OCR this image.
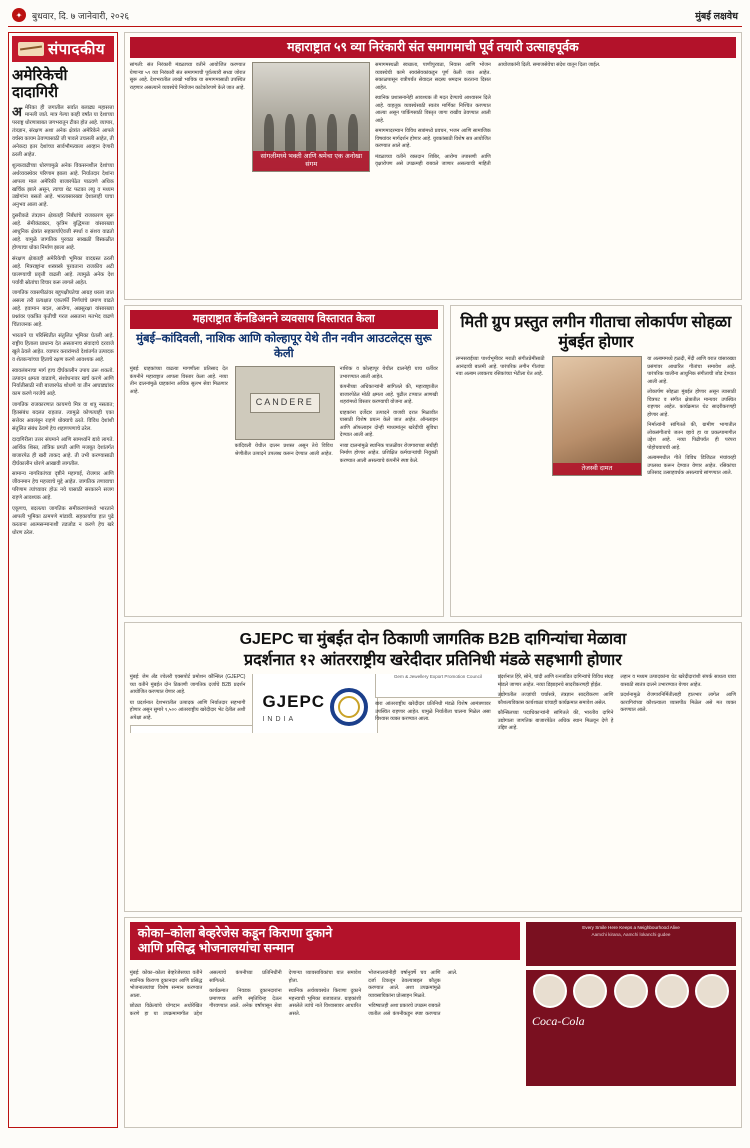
✦	बुधवार, दि. ७ जानेवारी, २०२६	मुंबई लक्षवेध
संपादकीय
अमेरिकेची दादागिरी

अ मेरिका ही जगातील सर्वात बलाढ्य महासत्ता मानली जाते. मात्र गेल्या काही वर्षांत या देशाच्या परराष्ट्र धोरणाबाबत जगभरातून टीका होत आहे. व्यापार, तंत्रज्ञान, संरक्षण अशा अनेक क्षेत्रांत अमेरिकेने आपले वर्चस्व कायम ठेवण्यासाठी जी पावले उचलली आहेत, ती अनेकदा इतर देशांच्या सार्वभौमत्वाला आव्हान देणारी ठरली आहेत.

शुल्कवाढीच्या धोरणामुळे अनेक विकसनशील देशांच्या अर्थव्यवस्थेवर परिणाम झाला आहे. निर्यातदार देशांना आपला माल अमेरिकी बाजारपेठेत पाठवणे अधिक खर्चिक झाले असून, त्याचा थेट फटका लघु व मध्यम उद्योगांना बसतो आहे. भारतासारख्या देशालाही याचा अनुभव आला आहे.

दुसरीकडे तंत्रज्ञान क्षेत्रातही निर्बंधांचे राजकारण सुरू आहे. सेमीकंडक्टर, कृत्रिम बुद्धिमत्ता यांसारख्या आधुनिक क्षेत्रांत सहकार्याऐवजी स्पर्धा व संशय वाढतो आहे. यामुळे जागतिक पुरवठा साखळी विस्कळीत होण्याचा धोका निर्माण झाला आहे.

संरक्षण क्षेत्रातही अमेरिकेची भूमिका वादग्रस्त ठरली आहे. मित्रराष्ट्रांना शस्त्रास्त्रे पुरवताना राजकीय अटी घालण्याची प्रवृत्ती वाढली आहे. त्यामुळे अनेक देश पर्यायी स्रोतांचा विचार करू लागले आहेत.

जागतिक व्यासपीठांवर बहुपक्षीयतेचा आग्रह धरला जात असला तरी प्रत्यक्षात एकतर्फी निर्णयांचे प्रमाण वाढते आहे. हवामान बदल, आरोग्य, अन्नसुरक्षा यांसारख्या प्रश्नांवर एकत्रित कृतीची गरज असताना मतभेद वाढणे चिंताजनक आहे.

भारताने या परिस्थितीत संतुलित भूमिका घेतली आहे. राष्ट्रीय हिताला प्राधान्य देत असतानाच संवादाचे दरवाजे खुले ठेवले आहेत. व्यापार करारांमध्ये देशांतर्गत उत्पादक व शेतकऱ्यांच्या हिताचे रक्षण करणे आवश्यक आहे.

स्वावलंबनाचा मार्ग हाच दीर्घकालीन उपाय ठरू शकतो. उत्पादन क्षमता वाढवणे, संशोधनावर खर्च करणे आणि निर्यातीसाठी नवी बाजारपेठ शोधणे या तीन आघाड्यांवर काम करणे गरजेचे आहे.

जागतिक राजकारणात कायमचे मित्र वा शत्रू नसतात; हितसंबंध बदलत राहतात. त्यामुळे कोणत्याही एका सत्तेवर अवलंबून राहणे धोक्याचे ठरते. विविध देशांशी संतुलित संबंध ठेवणे हेच शहाणपणाचे ठरेल.

दादागिरीला उत्तर संयमाने आणि सामर्थ्याने द्यावे लागते. आर्थिक शिस्त, तांत्रिक प्रगती आणि मजबूत देशांतर्गत बाजारपेठ ही खरी ताकद आहे. ती उभी करण्यासाठी दीर्घकालीन धोरणे आखावी लागतील.

सामान्य नागरिकांच्या दृष्टीने महागाई, रोजगार आणि जीवनमान हेच महत्त्वाचे मुद्दे आहेत. जागतिक तणावाचा परिणाम त्यांच्यावर होऊ नये यासाठी सरकारने सजग राहणे आवश्यक आहे.

एकूणच, बदलत्या जागतिक समीकरणांमध्ये भारताने आपली भूमिका ठामपणे मांडावी. सहकार्याचा हात पुढे करताना आत्मसन्मानाशी तडजोड न करणे हेच खरे धोरण ठरेल.

महाराष्ट्रात ५९ व्या निरंकारी संत समागमाची पूर्व तयारी उत्साहपूर्वक

सांगली: संत निरंकारी मंडळाच्या वतीने आयोजित करण्यात येणाऱ्या ५९ व्या निरंकारी संत समागमाची पूर्वतयारी सध्या जोरात सुरू आहे. देशभरातील लाखो भाविक या समागमासाठी उपस्थित राहणार असल्याने व्यवस्थेचे नियोजन काटेकोरपणे केले जात आहे.

सांगलीमध्ये भक्ती आणि श्रमेचा एक अनोखा संगम

समागमस्थळी स्वच्छता, पाणीपुरवठा, निवास आणि भोजन व्यवस्थेची कामे स्वयंसेवकांकडून पूर्ण केली जात आहेत. सकाळपासून रात्रीपर्यंत सेवादल सदस्य श्रमदान करताना दिसत आहेत.

स्थानिक प्रशासनानेही आवश्यक ती मदत देण्याचे आश्वासन दिले आहे. वाहतूक व्यवस्थेसाठी स्वतंत्र मार्गिका निश्चित करण्यात आल्या असून पार्किंगसाठी विस्तृत जागा राखीव ठेवण्यात आली आहे.

समागमादरम्यान विविध सत्रांमध्ये प्रवचन, भजन आणि सामाजिक विषयांवर मार्गदर्शन होणार आहे. युवकांसाठी विशेष सत्र आयोजित करण्यात आले आहे.

मंडळाच्या वतीने रक्तदान शिबिर, आरोग्य तपासणी आणि वृक्षारोपण असे उपक्रमही राबवले जाणार असल्याची माहिती आयोजकांनी दिली. समाजसेवेचा संदेश यातून दिला जाईल.

महाराष्ट्रात कॅनडिअनने व्यवसाय विस्तारात केला
मुंबई–कांदिवली, नाशिक आणि कोल्हापूर येथे तीन नवीन आउटलेट्स सुरू केली

मुंबई: ग्राहकांच्या वाढत्या मागणीला प्रतिसाद देत कंपनीने महाराष्ट्रात आपला विस्तार केला आहे. नव्या तीन दालनांमुळे ग्राहकांना अधिक सुलभ सेवा मिळणार आहे.

CANDERE

कांदिवली येथील दालन प्रशस्त असून तेथे विविध श्रेणीतील उत्पादने उपलब्ध करून देण्यात आली आहेत. नाशिक व कोल्हापूर येथील दालनेही याच धर्तीवर उभारण्यात आली आहेत.

कंपनीच्या अधिकाऱ्यांनी सांगितले की, महाराष्ट्रातील बाजारपेठेत मोठी क्षमता आहे. पुढील टप्प्यात आणखी शहरांमध्ये विस्तार करण्याची योजना आहे.

ग्राहकांना दर्जेदार उत्पादने वाजवी दरात मिळावीत यासाठी विशेष प्रयत्न केले जात आहेत. ऑनलाइन आणि ऑफलाइन दोन्ही माध्यमांतून खरेदीची सुविधा देण्यात आली आहे.

नव्या दालनांमुळे स्थानिक पातळीवर रोजगाराच्या संधीही निर्माण होणार आहेत. प्रशिक्षित कर्मचाऱ्यांची नियुक्ती करण्यात आली असल्याचे कंपनीने स्पष्ट केले.

मिती ग्रुप प्रस्तुत लगीन गीताचा लोकार्पण सोहळा मुंबईत होणार

लग्नसराईच्या पार्श्वभूमीवर मराठी संगीतप्रेमींसाठी आनंदाची बातमी आहे. पारंपरिक लगीन गीतांचा नवा अल्बम लवकरच रसिकांच्या भेटीला येत आहे.

तेजस्वी दामत

या अल्बममध्ये हळदी, मेंदी आणि वरात यांसारख्या प्रसंगांवर आधारित गीतांचा समावेश आहे. पारंपरिक चालींना आधुनिक संगीताची जोड देण्यात आली आहे.

लोकार्पण सोहळा मुंबईत होणार असून त्यासाठी चित्रपट व संगीत क्षेत्रातील मान्यवर उपस्थित राहणार आहेत. कार्यक्रमात थेट सादरीकरणही होणार आहे.

निर्मात्यांनी सांगितले की, ग्रामीण भागातील लोकसंगीताचे जतन व्हावे हा या प्रकल्पामागील उद्देश आहे. नव्या पिढीपर्यंत ही परंपरा पोहोचवायची आहे.

अल्बममधील गीते विविध डिजिटल मंचांवरही उपलब्ध करून देण्यात येणार आहेत. रसिकांचा प्रतिसाद उत्साहवर्धक असल्याचे सांगण्यात आले.

GJEPC चा मुंबईत दोन ठिकाणी जागतिक B2B दागिन्यांचा मेळावा
प्रदर्शनात १२ आंतरराष्ट्रीय खरेदीदार प्रतिनिधी मंडळे सहभागी होणार

मुंबई: जेम अँड ज्वेलरी एक्सपोर्ट प्रमोशन कौन्सिल (GJEPC) च्या वतीने मुंबईत दोन ठिकाणी जागतिक दर्जाचे B2B प्रदर्शन आयोजित करण्यात येणार आहे.

या प्रदर्शनात देशभरातील उत्पादक आणि निर्यातदार सहभागी होणार असून सुमारे १,५०० आंतरराष्ट्रीय खरेदीदार भेट देतील अशी अपेक्षा आहे.

GJEPC
INDIA
Gem & Jewellery Export Promotion Council

बारा आंतरराष्ट्रीय खरेदीदार प्रतिनिधी मंडळे विशेष आमंत्रणावर उपस्थित राहणार आहेत. यामुळे निर्यातीला चालना मिळेल असा विश्वास व्यक्त करण्यात आला.

प्रदर्शनात हिरे, सोने, चांदी आणि रत्नजडित दागिन्यांचे विविध संग्रह मांडले जाणार आहेत. नव्या डिझाइनचे सादरीकरणही होईल.

उद्योगातील तज्ज्ञांची चर्चासत्रे, तंत्रज्ञान सादरीकरण आणि कौशल्यविकास कार्यशाळा यांचाही कार्यक्रमात समावेश असेल.

कौन्सिलच्या पदाधिकाऱ्यांनी सांगितले की, भारतीय दागिने उद्योगाला जागतिक बाजारपेठेत अधिक स्थान मिळवून देणे हे उद्दिष्ट आहे.

लहान व मध्यम उत्पादकांना थेट खरेदीदारांशी संपर्क साधता यावा यासाठी स्वतंत्र दालने उभारण्यात येणार आहेत.

प्रदर्शनामुळे रोजगारनिर्मितीलाही हातभार लागेल आणि कारागिरांच्या कौशल्याला व्यासपीठ मिळेल असे मत व्यक्त करण्यात आले.

कोका–कोला बेव्हरेजेस कडून किराणा दुकाने
आणि प्रसिद्ध भोजनालयांचा सन्मान
Every Smile Here Keeps a Neighbourhood Alive
Aamchi kirana, Aamchi lokanchi gudee

मुंबई: कोका–कोला बेव्हरेजेसच्या वतीने स्थानिक किराणा दुकानदार आणि प्रसिद्ध भोजनालयांचा विशेष सन्मान करण्यात आला.

छोट्या विक्रेत्यांचे योगदान अधोरेखित करणे हा या उपक्रमामागील उद्देश असल्याचे कंपनीच्या प्रतिनिधींनी सांगितले.

कार्यक्रमात निवडक दुकानदारांना प्रमाणपत्र आणि स्मृतिचिन्ह देऊन गौरवण्यात आले. अनेक वर्षांपासून सेवा देणाऱ्या व्यावसायिकांचा यात समावेश होता.

स्थानिक अर्थव्यवस्थेत किराणा दुकाने महत्त्वाची भूमिका बजावतात. ग्राहकांशी असलेले त्यांचे नाते विश्वासावर आधारित असते.

भोजनालयांनीही वर्षानुवर्षे चव आणि दर्जा टिकवून ठेवल्याबद्दल कौतुक करण्यात आले. अशा उपक्रमांमुळे व्यावसायिकांना प्रोत्साहन मिळते.

भविष्यातही अशा प्रकारचे उपक्रम राबवले जातील असे कंपनीकडून स्पष्ट करण्यात आले.

Coca-Cola
